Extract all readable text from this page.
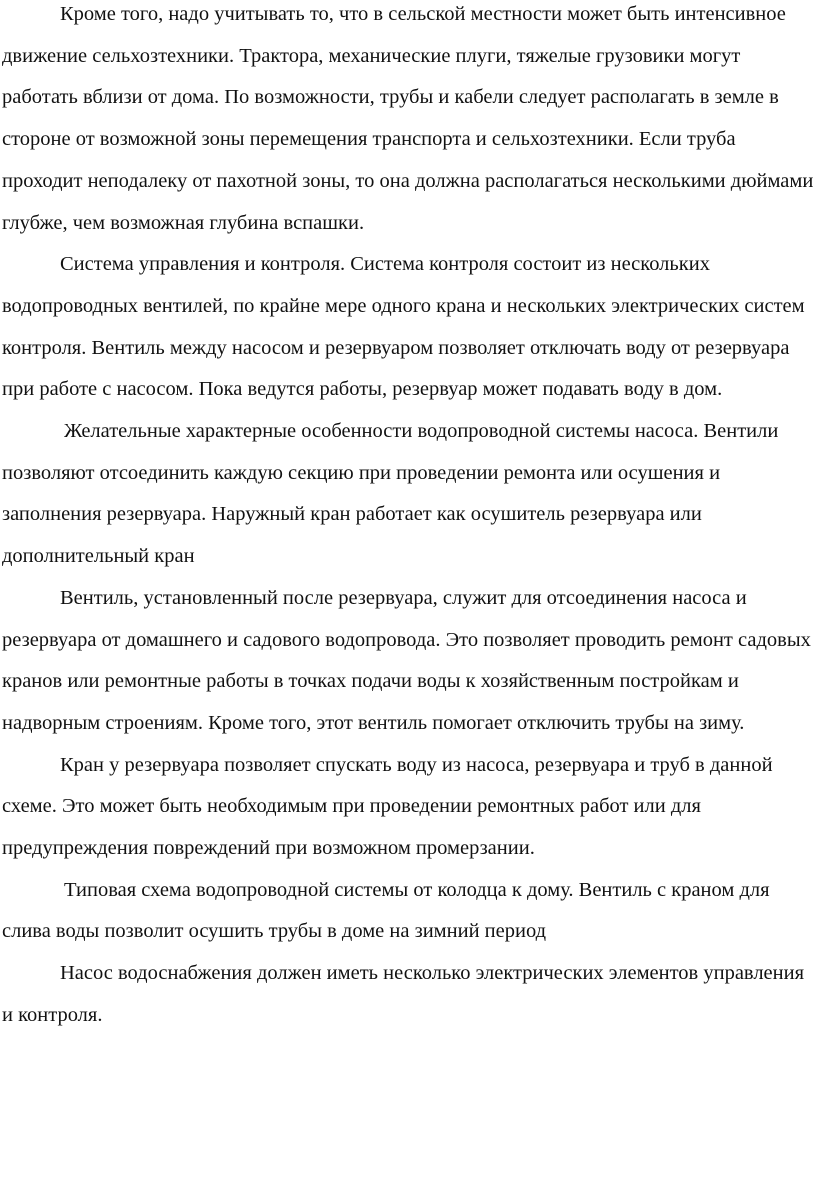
Кроме того, надо учитывать то, что в сельской местности может быть интенсивное движение сельхозтехники. Трактора, механические плуги, тяжелые грузовики могут работать вблизи от дома. По возможности, трубы и кабели следует располагать в земле в стороне от возможной зоны перемещения транспорта и сельхозтехники. Если труба проходит неподалеку от пахотной зоны, то она должна располагаться несколькими дюймами глубже, чем возможная глубина вспашки.

Система управления и контроля. Система контроля состоит из нескольких водопроводных вентилей, по крайне мере одного крана и нескольких электрических систем контроля. Вентиль между насосом и резервуаром позволяет отключать воду от резервуара при работе с насосом. Пока ведутся работы, резервуар может подавать воду в дом.

Желательные характерные особенности водопроводной системы насоса. Вентили позволяют отсоединить каждую секцию при проведении ремонта или осушения и заполнения резервуара. Наружный кран работает как осушитель резервуара или дополнительный кран

Вентиль, установленный после резервуара, служит для отсоединения насоса и резервуара от домашнего и садового водопровода. Это позволяет проводить ремонт садовых кранов или ремонтные работы в точках подачи воды к хозяйственным постройкам и надворным строениям. Кроме того, этот вентиль помогает отключить трубы на зиму.

Кран у резервуара позволяет спускать воду из насоса, резервуара и труб в данной схеме. Это может быть необходимым при проведении ремонтных работ или для предупреждения повреждений при возможном промерзании.

Типовая схема водопроводной системы от колодца к дому. Вентиль с краном для слива воды позволит осушить трубы в доме на зимний период

Насос водоснабжения должен иметь несколько электрических элементов управления и контроля.
